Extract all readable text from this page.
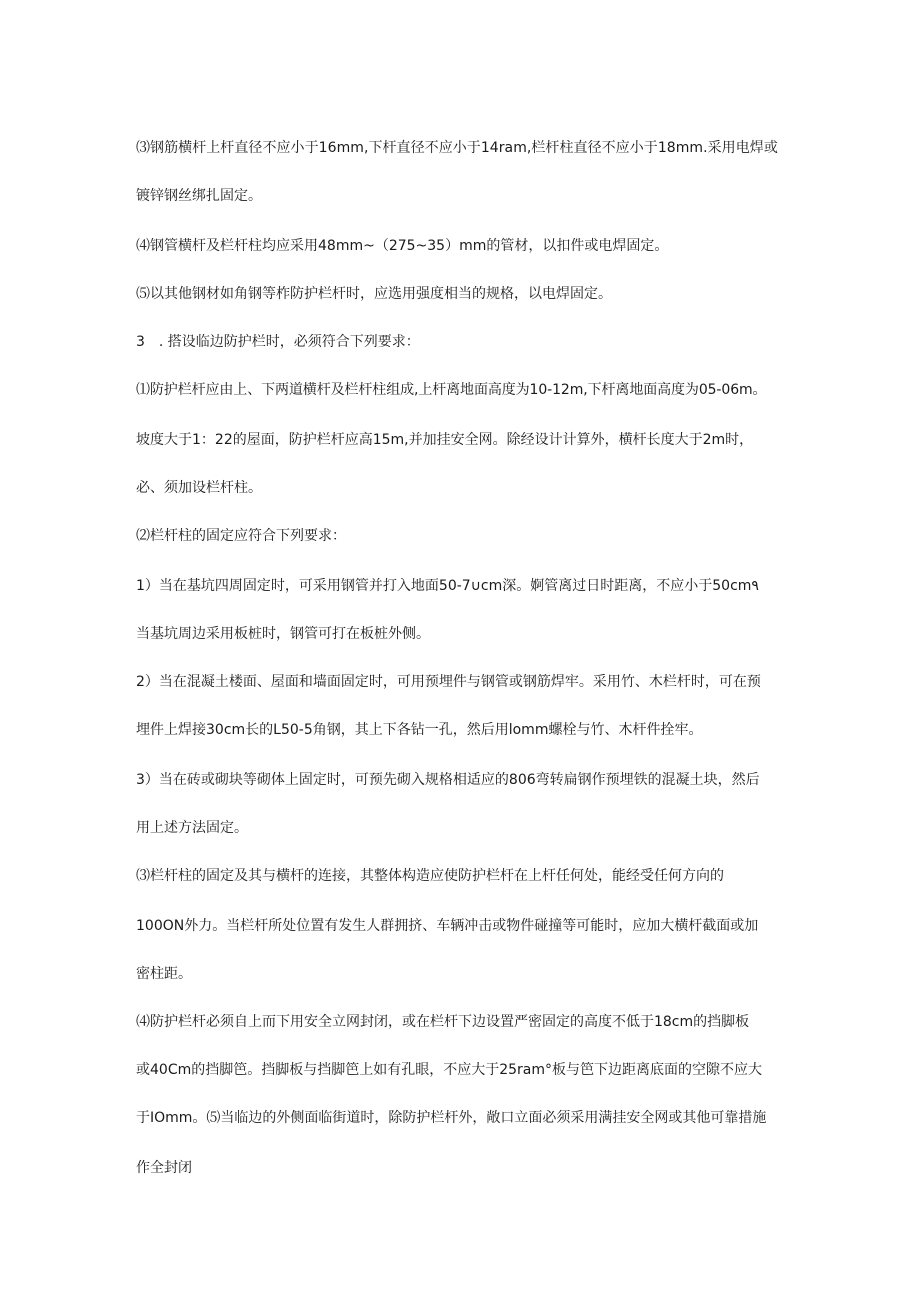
⑶钢筋横杆上杆直径不应小于16mm,下杆直径不应小于14ram,栏杆柱直径不应小于18mm.采用电焊或

镀锌钢丝绑扎固定。

⑷钢管横杆及栏杆柱均应采用48mm~（275~35）mm的管材，以扣件或电焊固定。

⑸以其他钢材如角钢等柞防护栏杆时，应选用强度相当的规格，以电焊固定。

3　. 搭设临边防护栏时，必须符合下列要求：

⑴防护栏杆应由上、下两道横杆及栏杆柱组成,上杆离地面高度为10-12m,下杆离地面高度为05-06m。

坡度大于1：22的屋面，防护栏杆应高15m,并加挂安全网。除经设计计算外，横杆长度大于2m时，

必、须加设栏杆柱。

⑵栏杆柱的固定应符合下列要求：

1）当在基坑四周固定时，可采用钢管并打入地面50-7∪cm深。婀管离过日时距离，不应小于50cm۹

当基坑周边采用板桩时，钢管可打在板桩外侧。

2）当在混凝土楼面、屋面和墙面固定时，可用预埋件与钢管或钢筋焊牢。采用竹、木栏杆时，可在预

埋件上焊接30cm长的L50-5角钢，其上下各钻一孔，然后用lomm螺栓与竹、木杆件拴牢。

3）当在砖或砌块等砌体上固定时，可预先砌入规格相适应的806弯转扁钢作预埋铁的混凝土块，然后

用上述方法固定。

⑶栏杆柱的固定及其与横杆的连接，其整体构造应使防护栏杆在上杆任何处，能经受任何方向的

100ON外力。当栏杆所处位置有发生人群拥挤、车辆冲击或物件碰撞等可能时，应加大横杆截面或加

密柱距。

⑷防护栏杆必须自上而下用安全立网封闭，或在栏杆下边设置严密固定的高度不低于18cm的挡脚板

或40Cm的挡脚笆。挡脚板与挡脚笆上如有孔眼，不应大于25ram°板与笆下边距离底面的空隙不应大

于IOmm。⑸当临边的外侧面临街道时，除防护栏杆外，敞口立面必须采用满挂安全网或其他可靠措施

作全封闭
